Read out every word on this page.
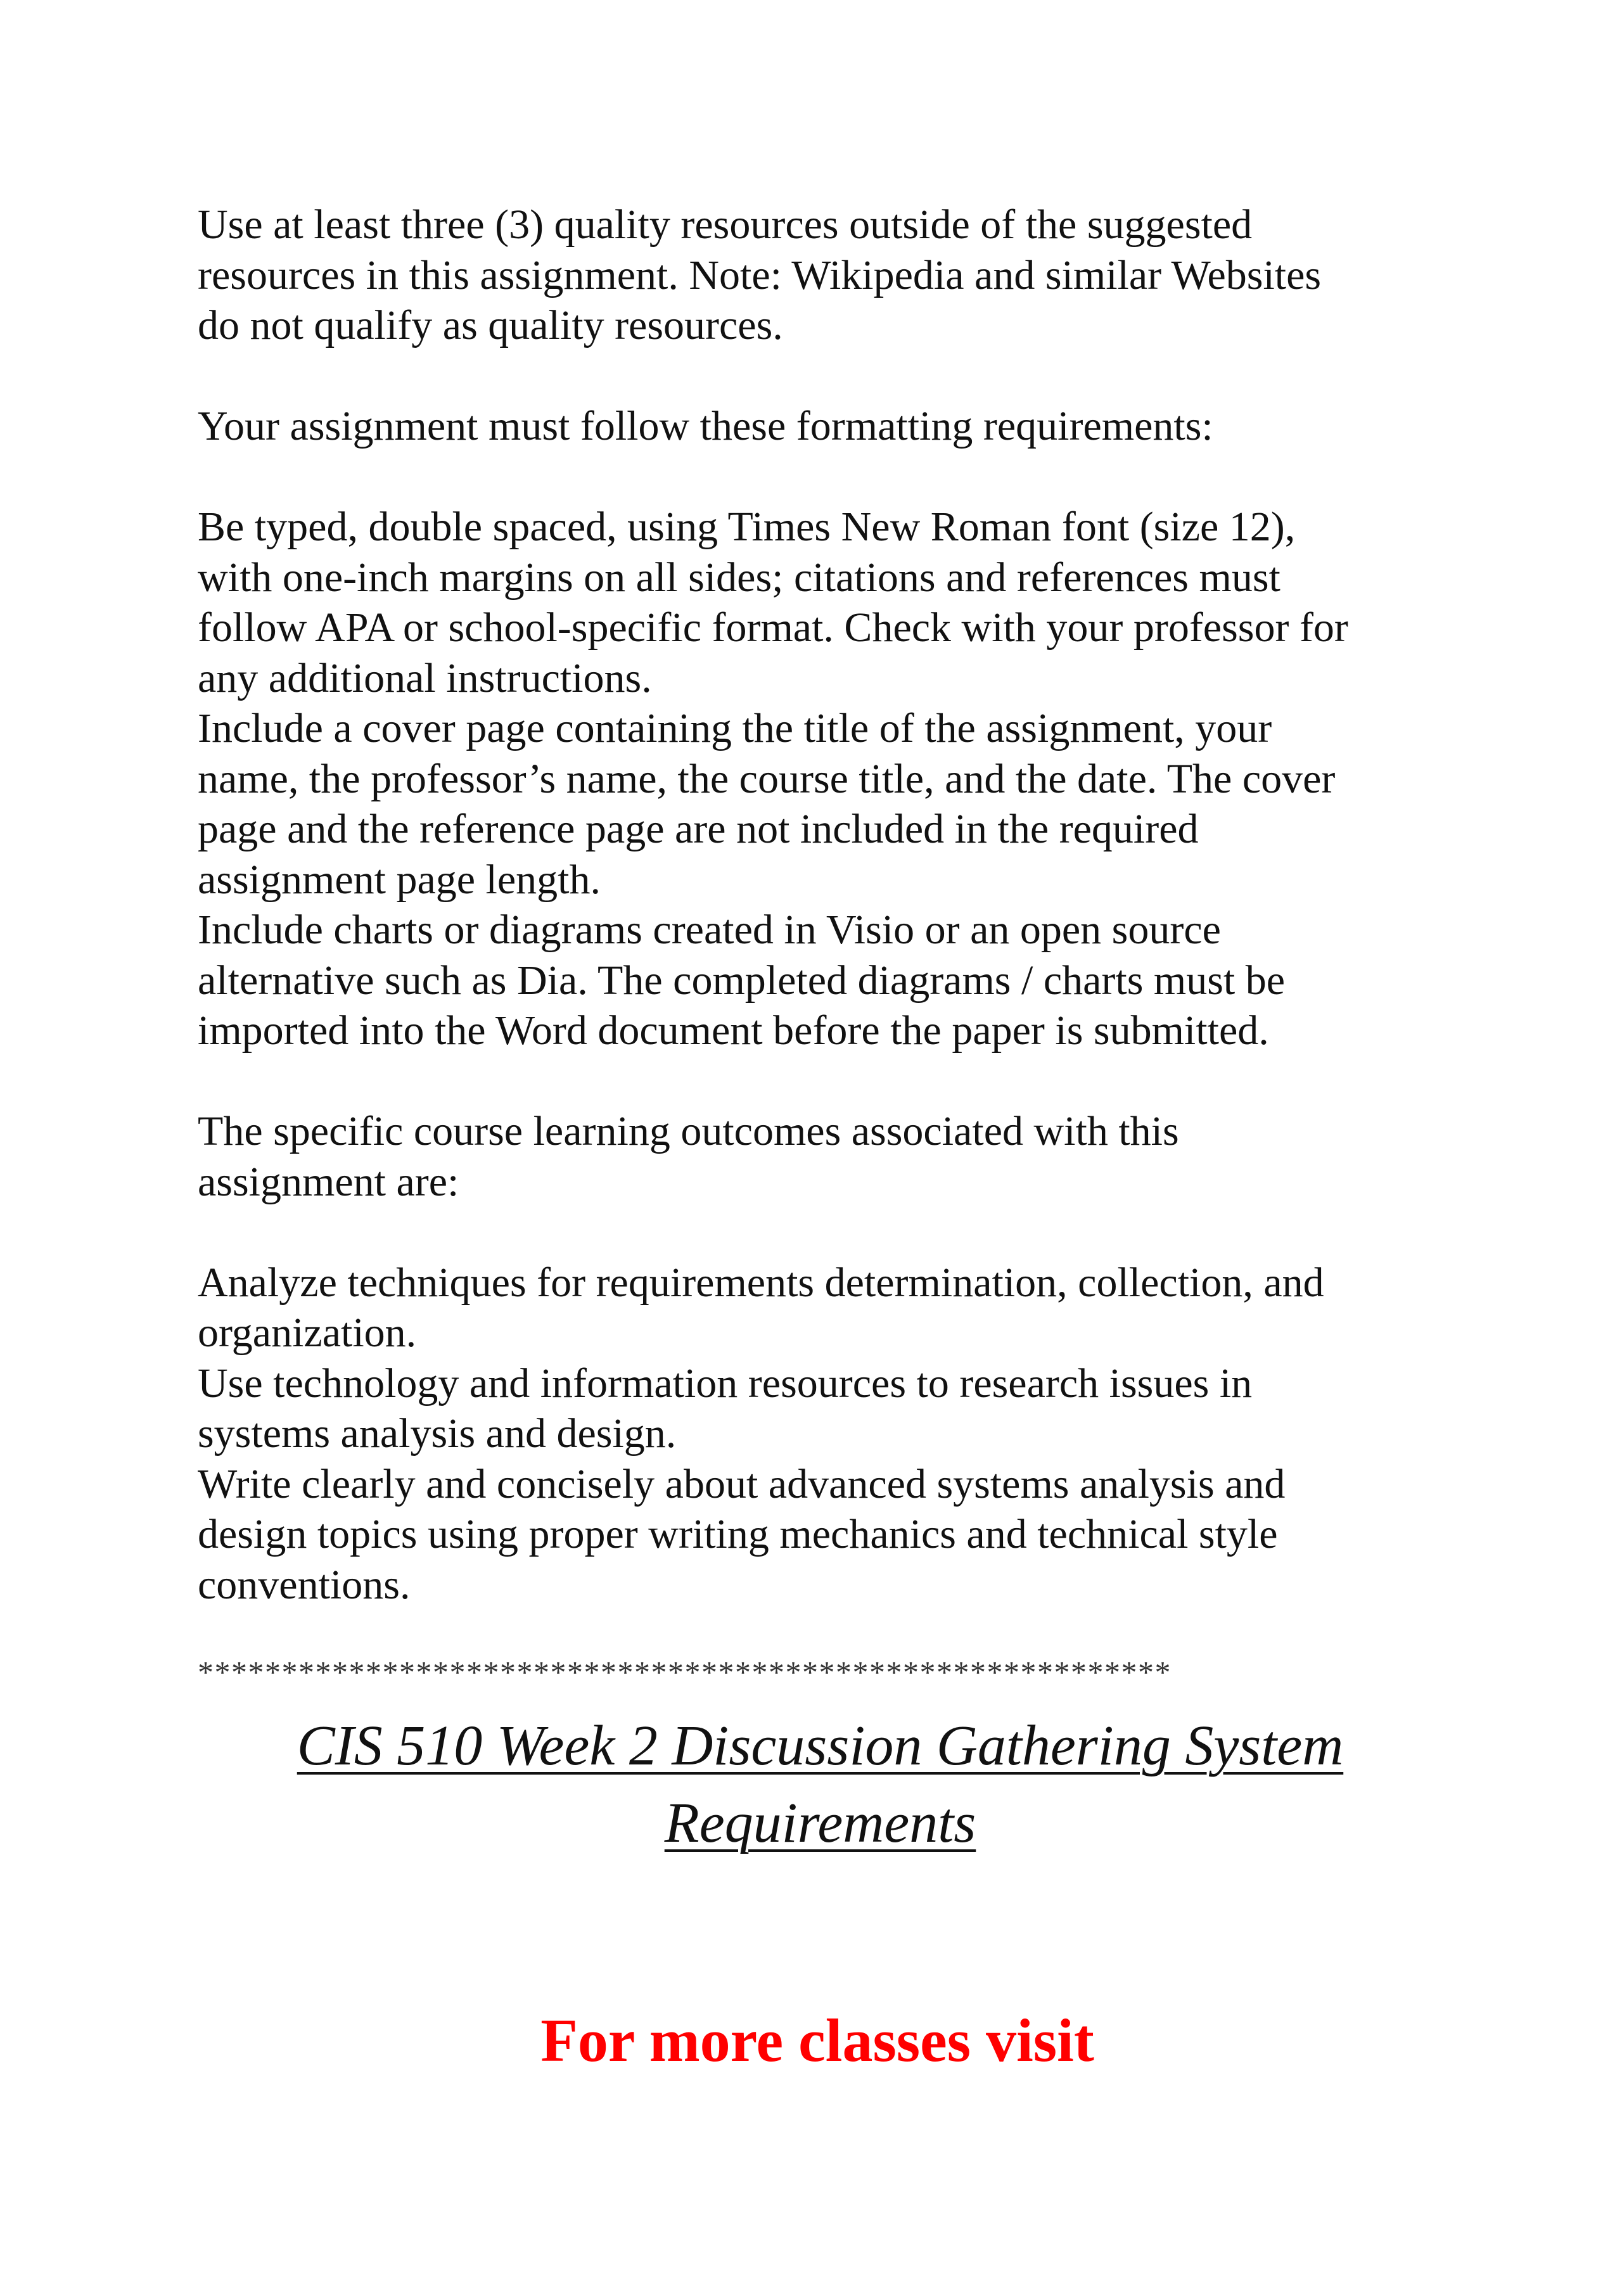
Use at least three (3) quality resources outside of the suggested
resources in this assignment. Note: Wikipedia and similar Websites
do not qualify as quality resources.

Your assignment must follow these formatting requirements:

Be typed, double spaced, using Times New Roman font (size 12),
with one-inch margins on all sides; citations and references must
follow APA or school-specific format. Check with your professor for
any additional instructions.

Include a cover page containing the title of the assignment, your
name, the professor’s name, the course title, and the date. The cover
page and the reference page are not included in the required
assignment page length.

Include charts or diagrams created in Visio or an open source
alternative such as Dia. The completed diagrams / charts must be
imported into the Word document before the paper is submitted.

The specific course learning outcomes associated with this
assignment are:

Analyze techniques for requirements determination, collection, and
organization.

Use technology and information resources to research issues in
systems analysis and design.

Write clearly and concisely about advanced systems analysis and
design topics using proper writing mechanics and technical style
conventions.

**********************************************************
CIS 510 Week 2 Discussion Gathering System
Requirements

For more classes visit
